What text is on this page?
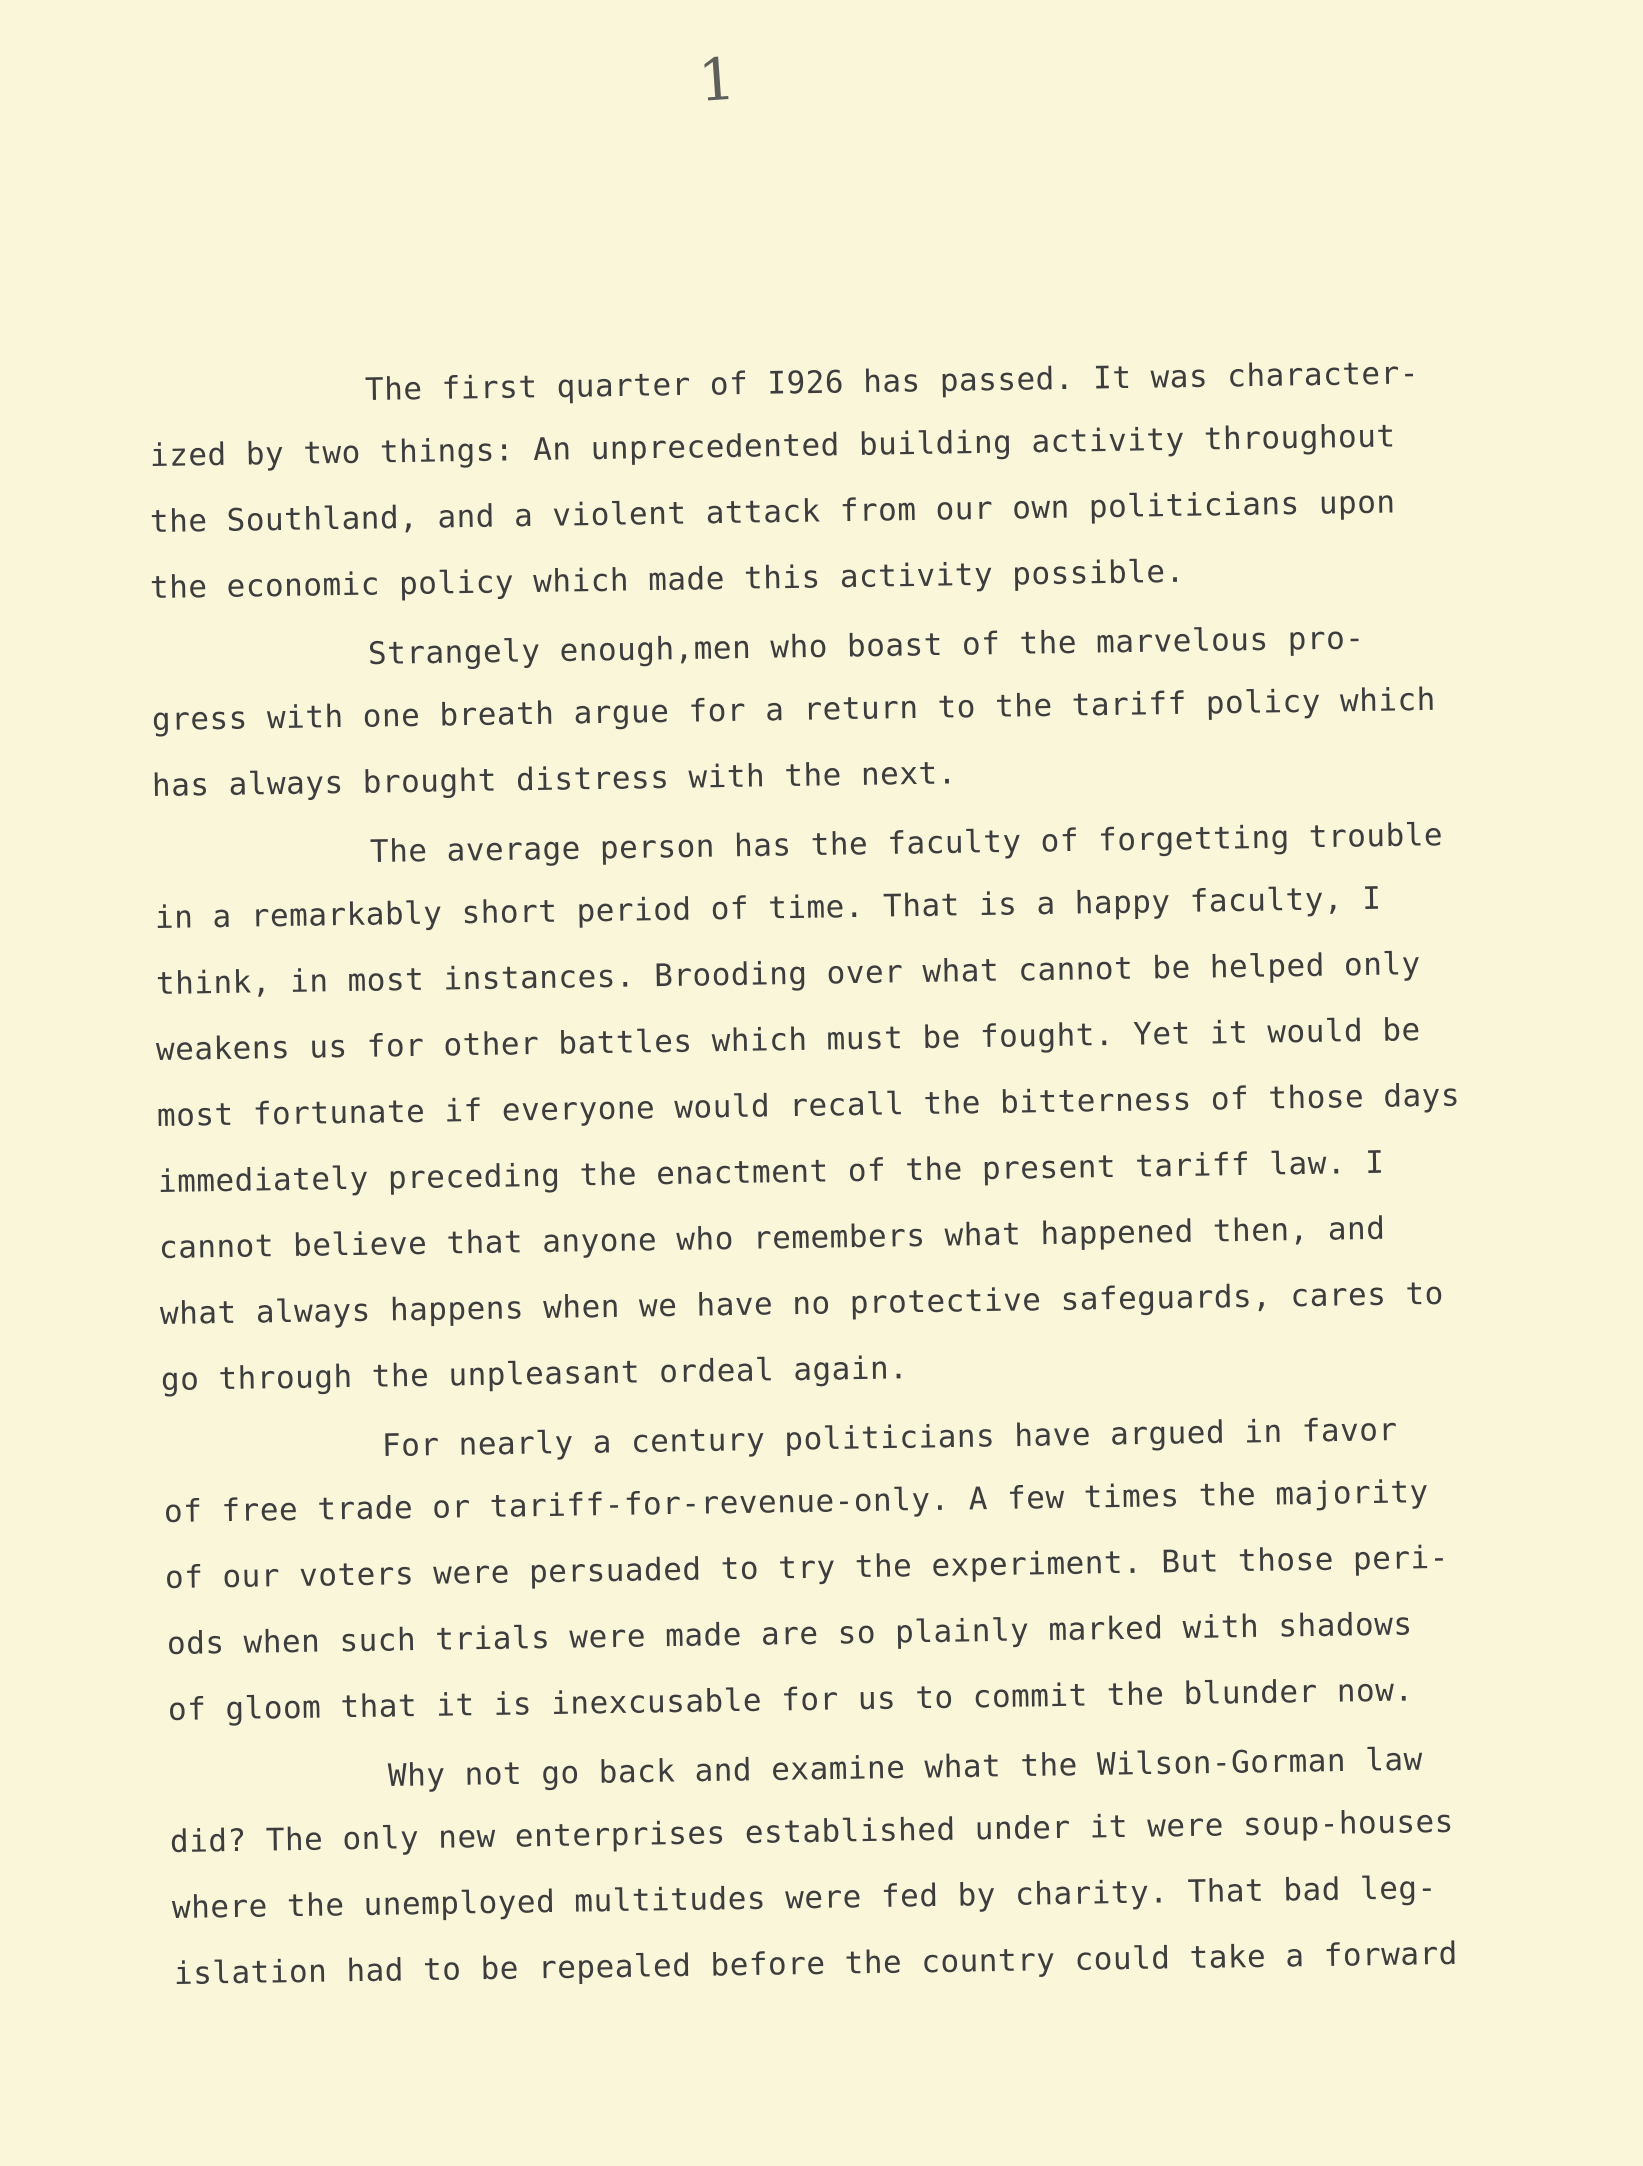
1
The first quarter of I926 has passed. It was character-
ized by two things: An unprecedented building activity throughout
the Southland, and a violent attack from our own politicians upon
the economic policy which made this activity possible.
Strangely enough,men who boast of the marvelous pro-
gress with one breath argue for a return to the tariff policy which
has always brought distress with the next.
The average person has the faculty of forgetting trouble
in a remarkably short period of time. That is a happy faculty, I
think, in most instances. Brooding over what cannot be helped only
weakens us for other battles which must be fought. Yet it would be
most fortunate if everyone would recall the bitterness of those days
immediately preceding the enactment of the present tariff law. I
cannot believe that anyone who remembers what happened then, and
what always happens when we have no protective safeguards, cares to
go through the unpleasant ordeal again.
For nearly a century politicians have argued in favor
of free trade or tariff-for-revenue-only. A few times the majority
of our voters were persuaded to try the experiment. But those peri-
ods when such trials were made are so plainly marked with shadows
of gloom that it is inexcusable for us to commit the blunder now.
Why not go back and examine what the Wilson-Gorman law
did? The only new enterprises established under it were soup-houses
where the unemployed multitudes were fed by charity. That bad leg-
islation had to be repealed before the country could take a forward
